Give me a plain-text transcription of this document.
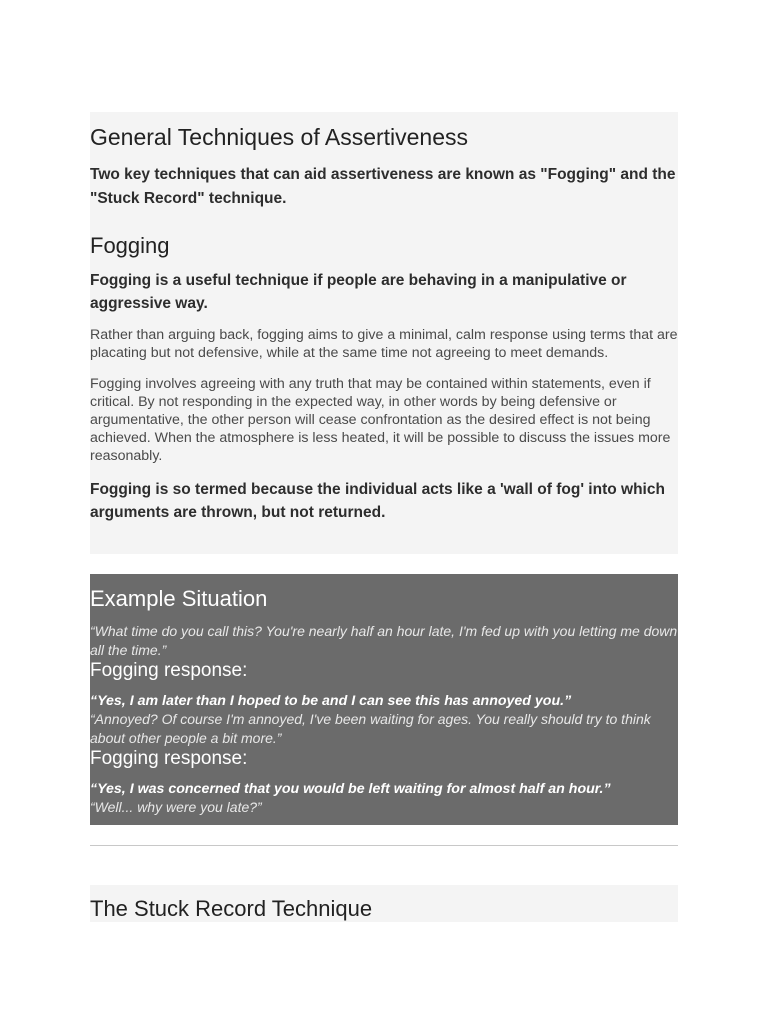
General Techniques of Assertiveness
Two key techniques that can aid assertiveness are known as "Fogging" and the "Stuck Record" technique.
Fogging
Fogging is a useful technique if people are behaving in a manipulative or aggressive way.
Rather than arguing back, fogging aims to give a minimal, calm response using terms that are placating but not defensive, while at the same time not agreeing to meet demands.
Fogging involves agreeing with any truth that may be contained within statements, even if critical. By not responding in the expected way, in other words by being defensive or argumentative, the other person will cease confrontation as the desired effect is not being achieved. When the atmosphere is less heated, it will be possible to discuss the issues more reasonably.
Fogging is so termed because the individual acts like a 'wall of fog' into which arguments are thrown, but not returned.
Example Situation
“What time do you call this? You're nearly half an hour late, I'm fed up with you letting me down all the time.”
Fogging response:
“Yes, I am later than I hoped to be and I can see this has annoyed you.”
“Annoyed? Of course I'm annoyed, I've been waiting for ages. You really should try to think about other people a bit more.”
Fogging response:
“Yes, I was concerned that you would be left waiting for almost half an hour.”
“Well... why were you late?”
The Stuck Record Technique
